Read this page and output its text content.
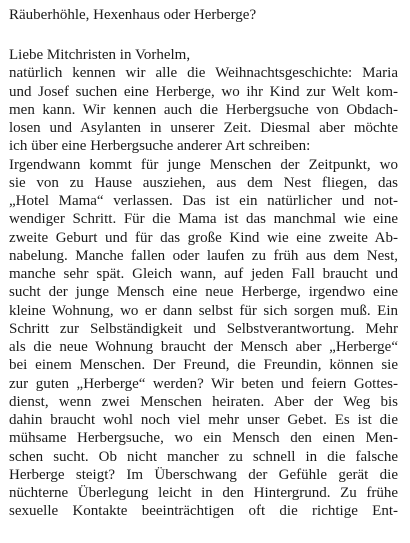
Räuberhöhle, Hexenhaus oder Herberge?
Liebe Mitchristen in Vorhelm,
natürlich kennen wir alle die Weihnachtsgeschichte: Maria
und Josef suchen eine Herberge, wo ihr Kind zur Welt kom-
men kann. Wir kennen auch die Herbergsuche von Obdach-
losen und Asylanten in unserer Zeit. Diesmal aber möchte
ich über eine Herbergsuche anderer Art schreiben:
Irgendwann kommt für junge Menschen der Zeitpunkt, wo
sie von zu Hause ausziehen, aus dem Nest fliegen, das
„Hotel Mama“ verlassen. Das ist ein natürlicher und not-
wendiger Schritt. Für die Mama ist das manchmal wie eine
zweite Geburt und für das große Kind wie eine zweite Ab-
nabelung. Manche fallen oder laufen zu früh aus dem Nest,
manche sehr spät. Gleich wann, auf jeden Fall braucht und
sucht der junge Mensch eine neue Herberge, irgendwo eine
kleine Wohnung, wo er dann selbst für sich sorgen muß. Ein
Schritt zur Selbständigkeit und Selbstverantwortung. Mehr
als die neue Wohnung braucht der Mensch aber „Herberge“
bei einem Menschen. Der Freund, die Freundin, können sie
zur guten „Herberge“ werden? Wir beten und feiern Gottes-
dienst, wenn zwei Menschen heiraten. Aber der Weg bis
dahin braucht wohl noch viel mehr unser Gebet. Es ist die
mühsame Herbergsuche, wo ein Mensch den einen Men-
schen sucht. Ob nicht mancher zu schnell in die falsche
Herberge steigt? Im Überschwang der Gefühle gerät die
nüchterne Überlegung leicht in den Hintergrund. Zu frühe
sexuelle Kontakte beeinträchtigen oft die richtige Ent-
